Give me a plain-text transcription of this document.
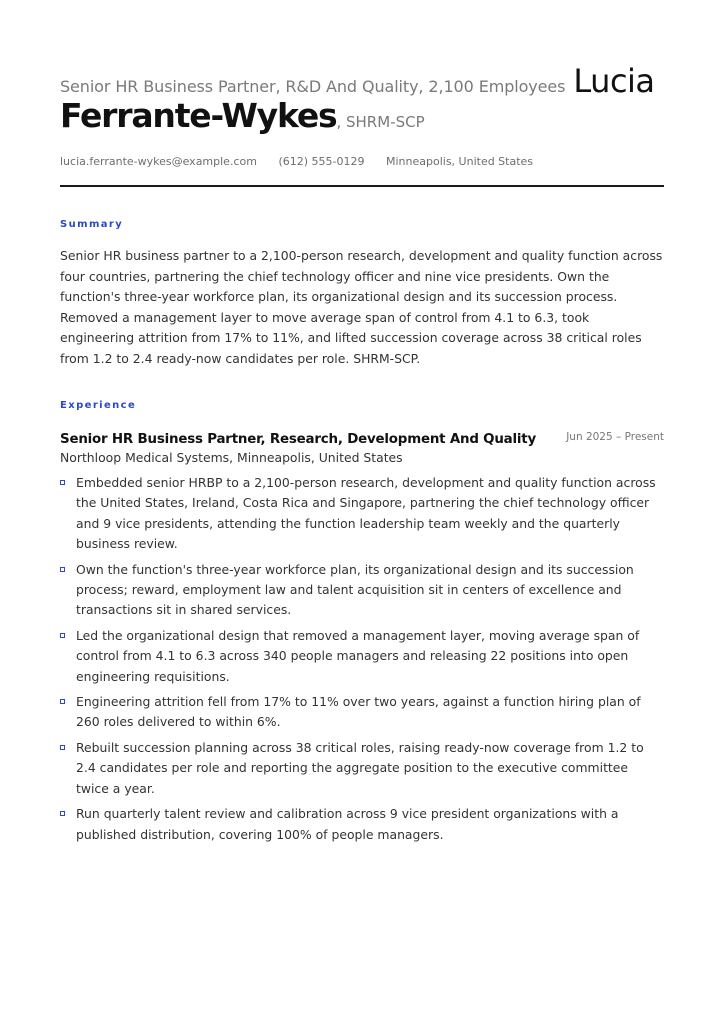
Senior HR Business Partner, R&D And Quality, 2,100 Employees Lucia
Ferrante-Wykes, SHRM-SCP
lucia.ferrante-wykes@example.com (612) 555-0129 Minneapolis, United States
Summary
Senior HR business partner to a 2,100-person research, development and quality function across four countries, partnering the chief technology officer and nine vice presidents. Own the function's three-year workforce plan, its organizational design and its succession process. Removed a management layer to move average span of control from 4.1 to 6.3, took engineering attrition from 17% to 11%, and lifted succession coverage across 38 critical roles from 1.2 to 2.4 ready-now candidates per role. SHRM-SCP.
Experience
Senior HR Business Partner, Research, Development And Quality	Jun 2025 – Present
Northloop Medical Systems, Minneapolis, United States
Embedded senior HRBP to a 2,100-person research, development and quality function across the United States, Ireland, Costa Rica and Singapore, partnering the chief technology officer and 9 vice presidents, attending the function leadership team weekly and the quarterly business review.
Own the function's three-year workforce plan, its organizational design and its succession process; reward, employment law and talent acquisition sit in centers of excellence and transactions sit in shared services.
Led the organizational design that removed a management layer, moving average span of control from 4.1 to 6.3 across 340 people managers and releasing 22 positions into open engineering requisitions.
Engineering attrition fell from 17% to 11% over two years, against a function hiring plan of 260 roles delivered to within 6%.
Rebuilt succession planning across 38 critical roles, raising ready-now coverage from 1.2 to 2.4 candidates per role and reporting the aggregate position to the executive committee twice a year.
Run quarterly talent review and calibration across 9 vice president organizations with a published distribution, covering 100% of people managers.
